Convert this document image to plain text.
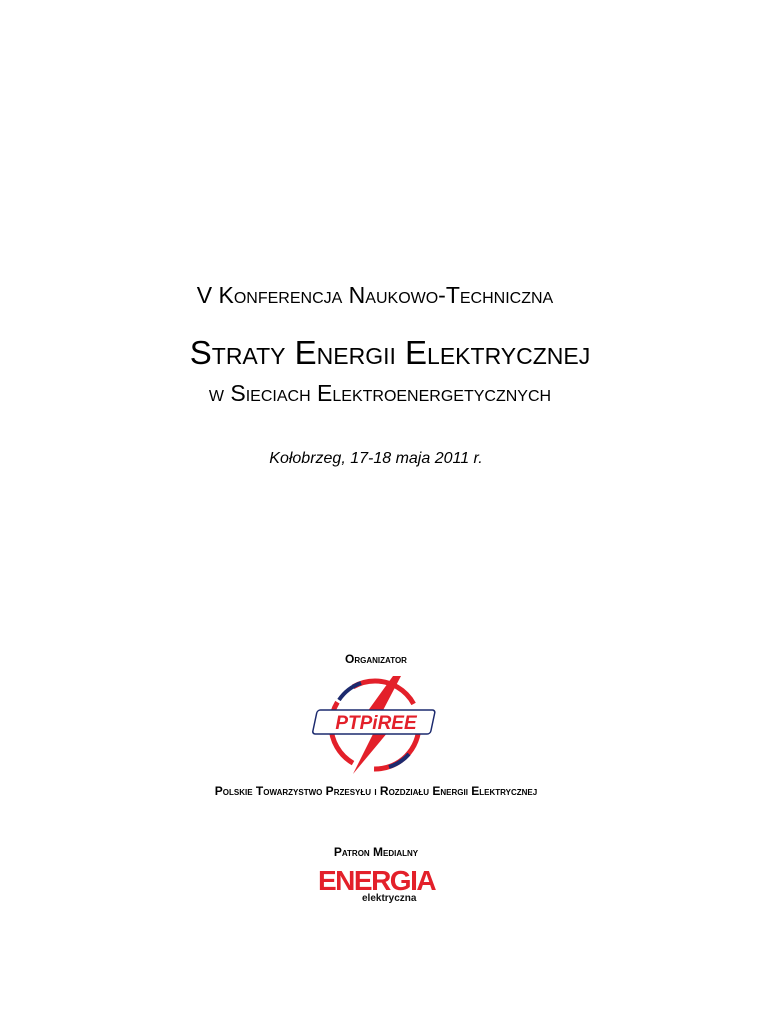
V Konferencja Naukowo-Techniczna

Straty Energii Elektrycznej

w Sieciach Elektroenergetycznych

Kołobrzeg, 17-18 maja 2011 r.

Organizator

PTPiREE

Polskie Towarzystwo Przesyłu i Rozdziału Energii Elektrycznej

Patron Medialny

ENERGIA
elektryczna
